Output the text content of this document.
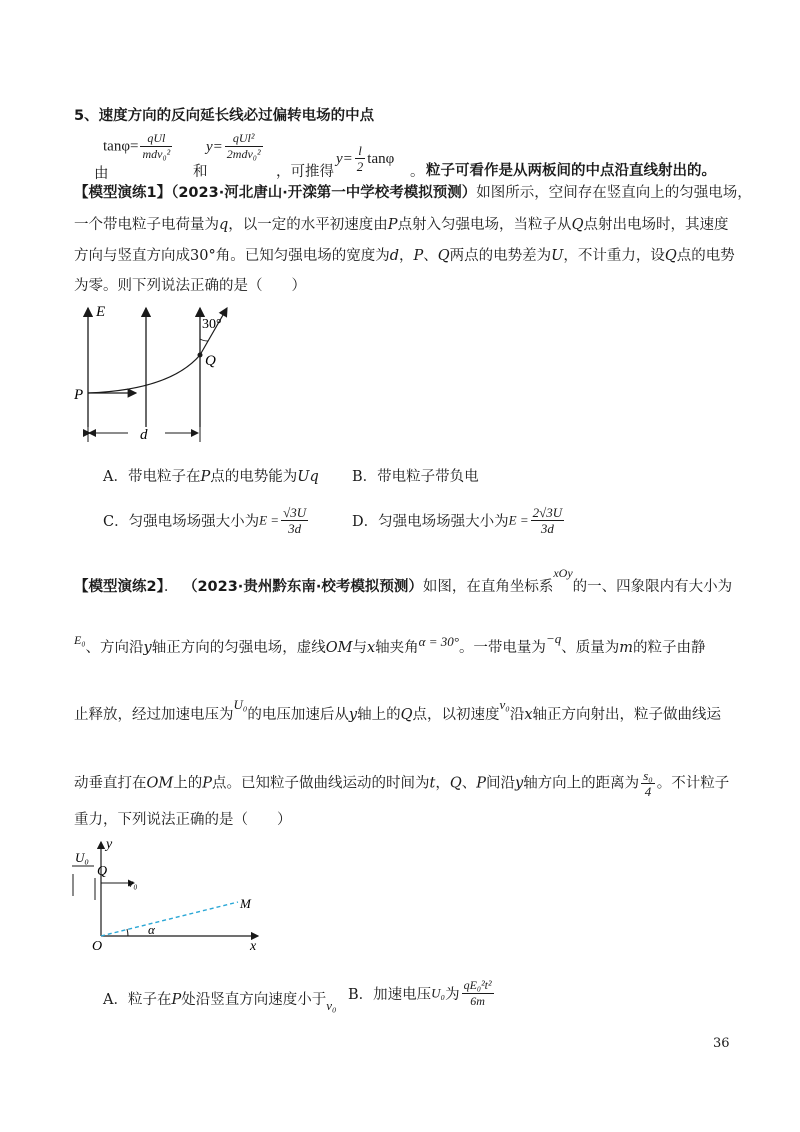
5、速度方向的反向延长线必过偏转电场的中点
$\tan\varphi= \frac{\text{qUl}}{\text{mdv₀²}}$
由	和
$y= \frac{\text{qUl²}}{\text{2mdv₀²}}$
，可推得
$y= \frac{l}{2}$ tanφ
。 粒子可看作是从两板间的中点沿直线射出的。
【模型演练1】（2023·河北唐山·开滦第一中学校考模拟预测）如图所示，空间存在竖直向上的匀强电场，
一个带电粒子电荷量为q，以一定的水平初速度由P点射入匀强电场，当粒子从Q点射出电场时，其速度
方向与竖直方向成30°角。已知匀强电场的宽度为d，P、Q两点的电势差为U，不计重力，设Q点的电势
为零。则下列说法正确的是（　　）
E
30°
Q
P
d
A．带电粒子在P点的电势能为Uq B．带电粒子带负电
C．匀强电场场强大小为$E = \frac{√3U}{3d}$	D．匀强电场场强大小为$E = \frac{2√3U}{3d}$
【模型演练2】． （2023·贵州黔东南·校考模拟预测）如图，在直角坐标系$^{xOy}$的一、四象限内有大小为
$^{E_0}$、方向沿y轴正方向的匀强电场，虚线OM与x轴夹角α = 30°。一带电量为−q、质量为m的粒子由静
止释放，经过加速电压为U₀的电压加速后从y轴上的Q点，以初速度v₀沿x轴正方向射出，粒子做曲线运
动垂直打在OM上的P点。已知粒子做曲线运动的时间为t，Q、P间沿y轴方向上的距离为 $\frac{\text{s₀}}{4}$ 。不计粒子
重力，下列说法正确的是（　　）
U₀
y
Q
v₀
M
α
O	x
A．粒子在P处沿竖直方向速度小于v₀
B．加速电压U₀为 $\frac{\text{qE₀²t²}}{6m}$
36
